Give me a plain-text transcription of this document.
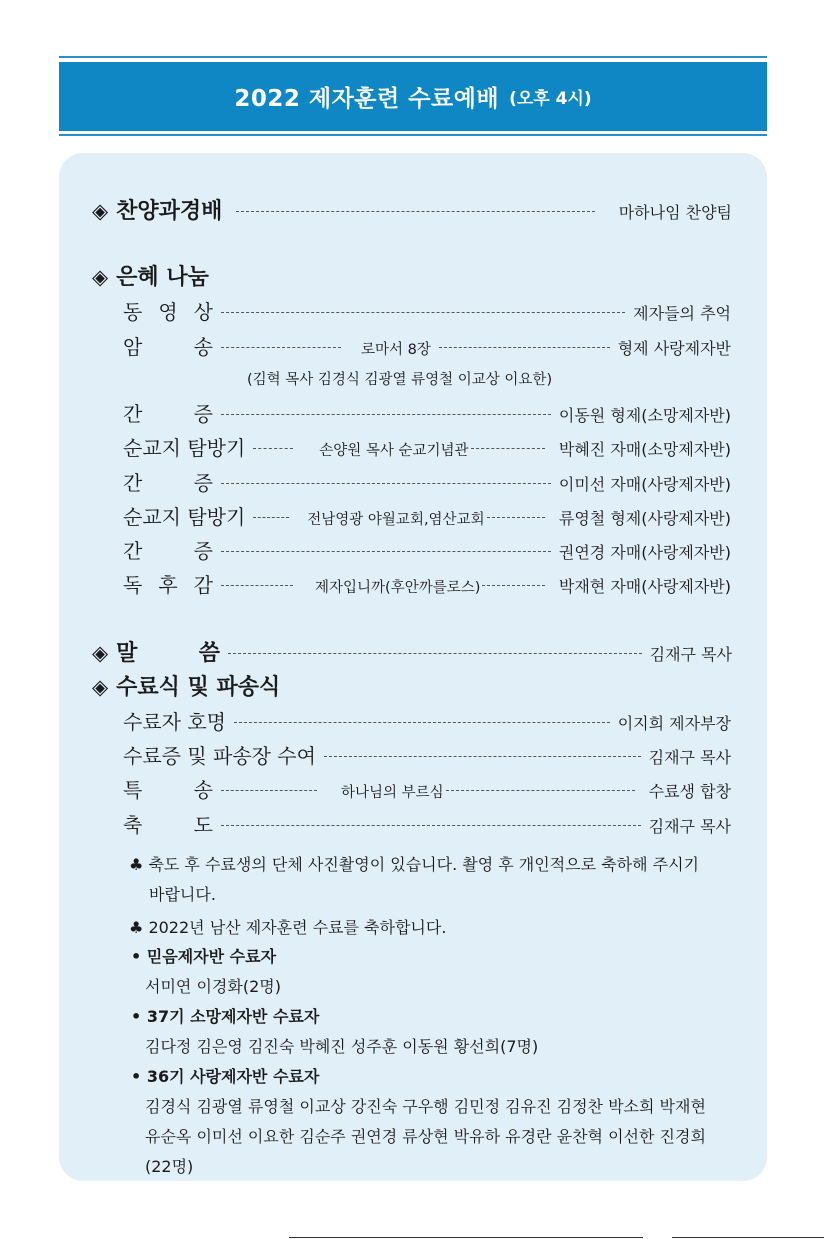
2022 제자훈련 수료예배 (오후 4시)
◈ 찬양과경배	마하나임 찬양팀
◈ 은혜 나눔
동 영 상	제자들의 추억
암	송	로마서 8장	형제 사랑제자반
(김혁 목사 김경식 김광열 류영철 이교상 이요한)
간	증	이동원 형제(소망제자반)
순교지 탐방기	손양원 목사 순교기념관	박혜진 자매(소망제자반)
간	증	이미선 자매(사랑제자반)
순교지 탐방기	전남영광 야월교회,염산교회	류영철 형제(사랑제자반)
간	증	권연경 자매(사랑제자반)
독 후 감	제자입니까(후안까를로스)	박재현 자매(사랑제자반)
◈ 말	씀	김재구 목사
◈ 수료식 및 파송식
수료자 호명	이지희 제자부장
수료증 및 파송장 수여	김재구 목사
특	송	하나님의 부르심	수료생 합창
축	도	김재구 목사
♣ 축도 후 수료생의 단체 사진촬영이 있습니다. 촬영 후 개인적으로 축하해 주시기
바랍니다.
♣ 2022년 남산 제자훈련 수료를 축하합니다.
• 믿음제자반 수료자
서미연 이경화(2명)
• 37기 소망제자반 수료자
김다정 김은영 김진숙 박혜진 성주훈 이동원 황선희(7명)
• 36기 사랑제자반 수료자
김경식 김광열 류영철 이교상 강진숙 구우행 김민정 김유진 김정찬 박소희 박재현
유순옥 이미선 이요한 김순주 권연경 류상현 박유하 유경란 윤찬혁 이선한 진경희
(22명)
